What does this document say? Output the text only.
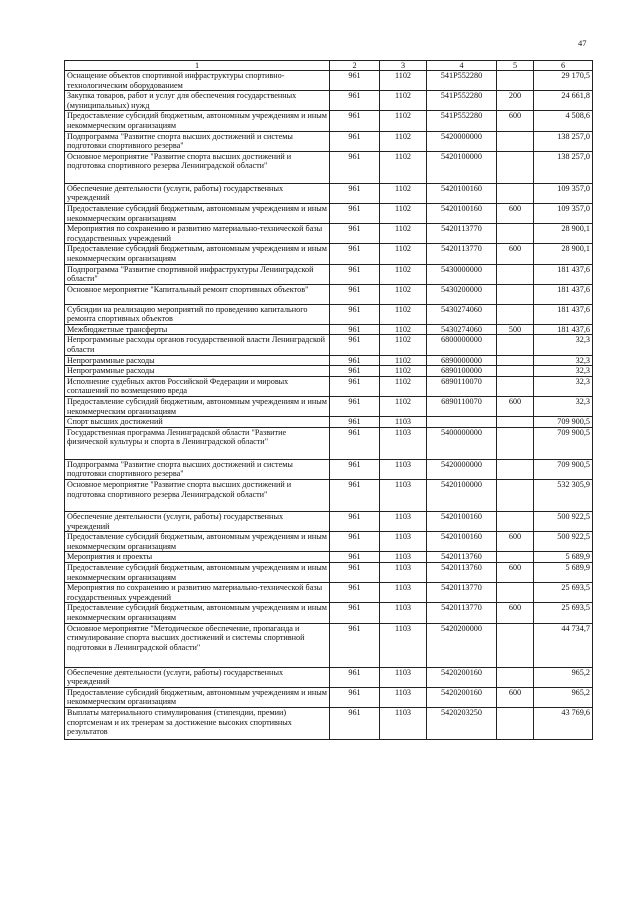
47
1	2	3	4	5	6
Оснащение объектов спортивной инфраструктуры спортивно-технологическим оборудованием	961	1102	541P552280		29 170,5
Закупка товаров, работ и услуг для обеспечения государственных (муниципальных) нужд	961	1102	541P552280	200	24 661,8
Предоставление субсидий бюджетным, автономным учреждениям и иным некоммерческим организациям	961	1102	541P552280	600	4 508,6
Подпрограмма "Развитие спорта высших достижений и системы подготовки спортивного резерва"	961	1102	5420000000		138 257,0
Основное мероприятие "Развитие спорта высших достижений и подготовка спортивного резерва Ленинградской области"	961	1102	5420100000		138 257,0
Обеспечение деятельности (услуги, работы) государственных учреждений	961	1102	5420100160		109 357,0
Предоставление субсидий бюджетным, автономным учреждениям и иным некоммерческим организациям	961	1102	5420100160	600	109 357,0
Мероприятия по сохранению и развитию материально-технической базы государственных учреждений	961	1102	5420113770		28 900,1
Предоставление субсидий бюджетным, автономным учреждениям и иным некоммерческим организациям	961	1102	5420113770	600	28 900,1
Подпрограмма "Развитие спортивной инфраструктуры Ленинградской области"	961	1102	5430000000		181 437,6
Основное мероприятие "Капитальный ремонт спортивных объектов"	961	1102	5430200000		181 437,6
Субсидии на реализацию мероприятий по проведению капитального ремонта спортивных объектов	961	1102	5430274060		181 437,6
Межбюджетные трансферты	961	1102	5430274060	500	181 437,6
Непрограммные расходы органов государственной власти Ленинградской области	961	1102	6800000000		32,3
Непрограммные расходы	961	1102	6890000000		32,3
Непрограммные расходы	961	1102	6890100000		32,3
Исполнение судебных актов Российской Федерации и мировых соглашений по возмещению вреда	961	1102	6890110070		32,3
Предоставление субсидий бюджетным, автономным учреждениям и иным некоммерческим организациям	961	1102	6890110070	600	32,3
Спорт высших достижений	961	1103			709 900,5
Государственная программа Ленинградской области "Развитие физической культуры и спорта в Ленинградской области"	961	1103	5400000000		709 900,5
Подпрограмма "Развитие спорта высших достижений и системы подготовки спортивного резерва"	961	1103	5420000000		709 900,5
Основное мероприятие "Развитие спорта высших достижений и подготовка спортивного резерва Ленинградской области"	961	1103	5420100000		532 305,9
Обеспечение деятельности (услуги, работы) государственных учреждений	961	1103	5420100160		500 922,5
Предоставление субсидий бюджетным, автономным учреждениям и иным некоммерческим организациям	961	1103	5420100160	600	500 922,5
Мероприятия и проекты	961	1103	5420113760		5 689,9
Предоставление субсидий бюджетным, автономным учреждениям и иным некоммерческим организациям	961	1103	5420113760	600	5 689,9
Мероприятия по сохранению и развитию материально-технической базы государственных учреждений	961	1103	5420113770		25 693,5
Предоставление субсидий бюджетным, автономным учреждениям и иным некоммерческим организациям	961	1103	5420113770	600	25 693,5
Основное мероприятие "Методическое обеспечение, пропаганда и стимулирование спорта высших достижений и системы спортивной подготовки в Ленинградской области"	961	1103	5420200000		44 734,7
Обеспечение деятельности (услуги, работы) государственных учреждений	961	1103	5420200160		965,2
Предоставление субсидий бюджетным, автономным учреждениям и иным некоммерческим организациям	961	1103	5420200160	600	965,2
Выплаты материального стимулирования (стипендии, премии) спортсменам и их тренерам за достижение высоких спортивных результатов	961	1103	5420203250		43 769,6
